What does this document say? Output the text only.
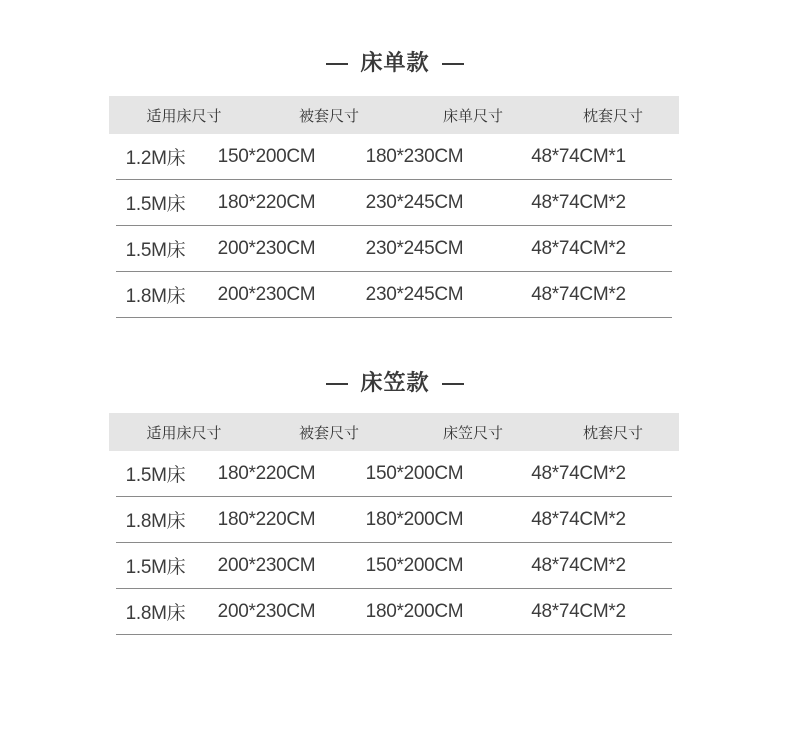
床单款
适用床尺寸	被套尺寸	床单尺寸	枕套尺寸
1.2M床	150*200CM	180*230CM	48*74CM*1
1.5M床	180*220CM	230*245CM	48*74CM*2
1.5M床	200*230CM	230*245CM	48*74CM*2
1.8M床	200*230CM	230*245CM	48*74CM*2
床笠款
适用床尺寸	被套尺寸	床笠尺寸	枕套尺寸
1.5M床	180*220CM	150*200CM	48*74CM*2
1.8M床	180*220CM	180*200CM	48*74CM*2
1.5M床	200*230CM	150*200CM	48*74CM*2
1.8M床	200*230CM	180*200CM	48*74CM*2
